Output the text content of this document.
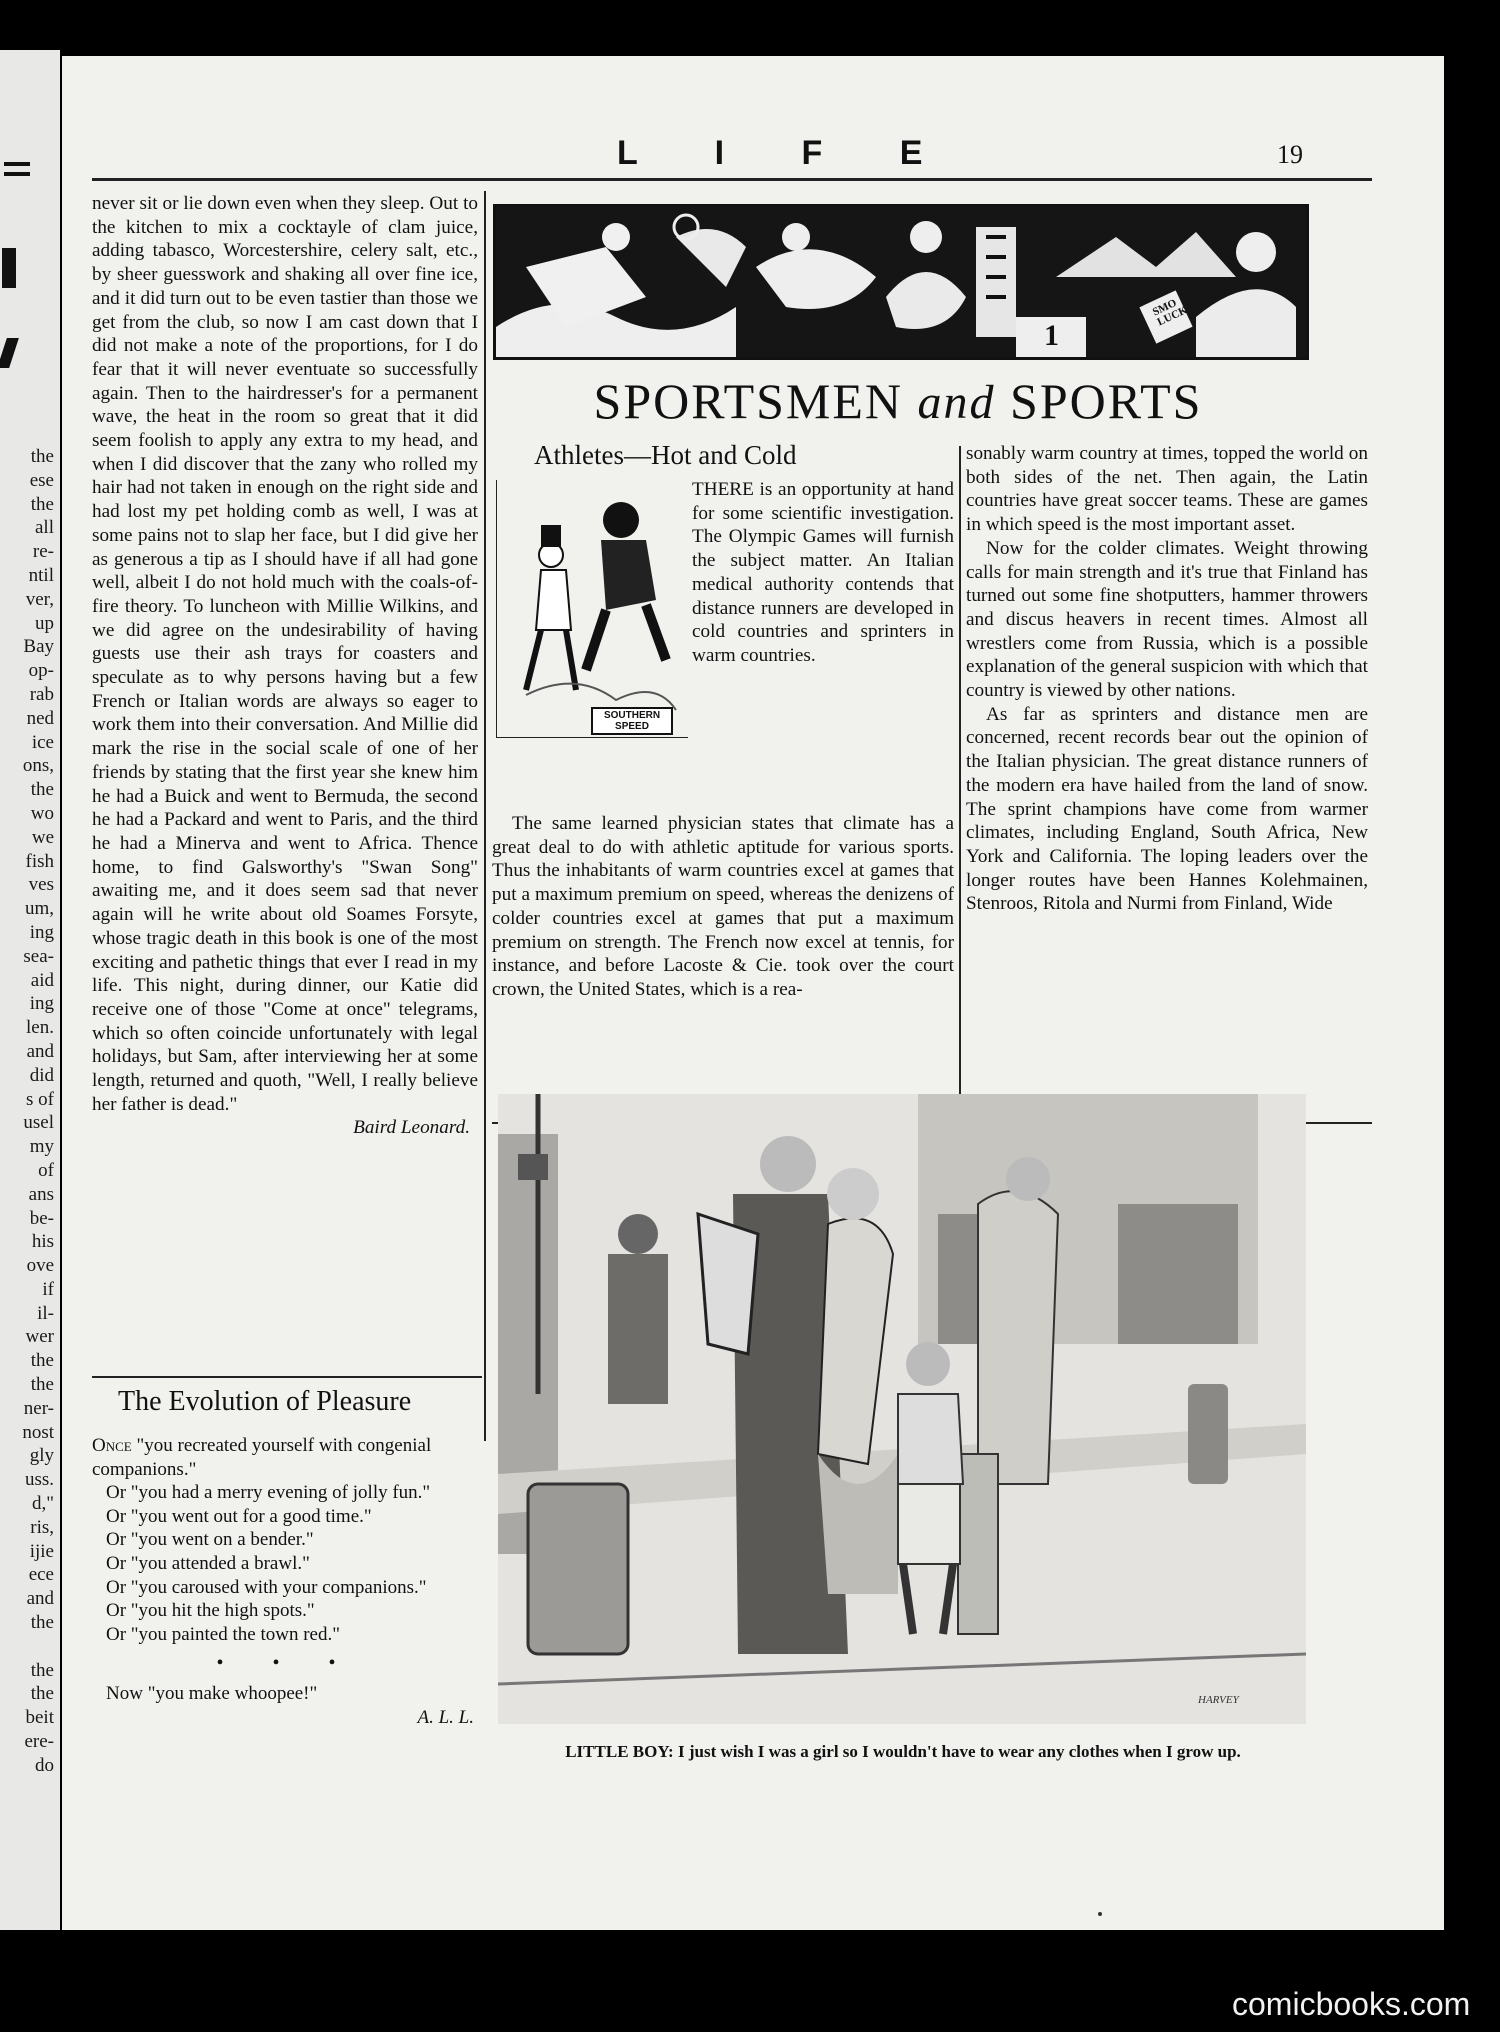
the
ese
the
all
re-
ntil
ver,
up
Bay
op-
rab
ned
ice
ons,
the
wo
we
fish
ves
um,
ing
sea-
aid
ing
len.
and
did
s of
usel
my
of
ans
be-
his
ove
if
il-
wer
the
the
ner-
nost
gly
uss.
d,"
ris,
ijie
ece
and
the

the
the
beit
ere-
do
L I F E	19

never sit or lie down even when they sleep. Out to the kitchen to mix a cocktayle of clam juice, adding tabasco, Worcestershire, celery salt, etc., by sheer guesswork and shaking all over fine ice, and it did turn out to be even tastier than those we get from the club, so now I am cast down that I did not make a note of the proportions, for I do fear that it will never eventuate so successfully again. Then to the hairdresser's for a permanent wave, the heat in the room so great that it did seem foolish to apply any extra to my head, and when I did discover that the zany who rolled my hair had not taken in enough on the right side and had lost my pet holding comb as well, I was at some pains not to slap her face, but I did give her as generous a tip as I should have if all had gone well, albeit I do not hold much with the coals-of-fire theory. To luncheon with Millie Wilkins, and we did agree on the undesirability of having guests use their ash trays for coasters and speculate as to why persons having but a few French or Italian words are always so eager to work them into their conversation. And Millie did mark the rise in the social scale of one of her friends by stating that the first year she knew him he had a Buick and went to Bermuda, the second he had a Packard and went to Paris, and the third he had a Minerva and went to Africa. Thence home, to find Galsworthy's "Swan Song" awaiting me, and it does seem sad that never again will he write about old Soames Forsyte, whose tragic death in this book is one of the most exciting and pathetic things that ever I read in my life. This night, during dinner, our Katie did receive one of those "Come at once" telegrams, which so often coincide unfortunately with legal holidays, but Sam, after interviewing her at some length, returned and quoth, "Well, I really believe her father is dead."

Baird Leonard.

The Evolution of Pleasure

Once "you recreated yourself with congenial companions."

Or "you had a merry evening of jolly fun."

Or "you went out for a good time."

Or "you went on a bender."

Or "you attended a brawl."

Or "you caroused with your companions."

Or "you hit the high spots."

Or "you painted the town red."

• • •

Now "you make whoopee!"

A. L. L.

1
SMO LUCK
SPORTSMEN and SPORTS
Athletes—Hot and Cold
SOUTHERN SPEED

THERE is an opportunity at hand for some scientific investigation. The Olympic Games will furnish the subject matter. An Italian medical authority contends that distance runners are developed in cold countries and sprinters in warm countries.

The same learned physician states that climate has a great deal to do with athletic aptitude for various sports. Thus the inhabitants of warm countries excel at games that put a maximum premium on speed, whereas the denizens of colder countries excel at games that put a maximum premium on strength. The French now excel at tennis, for instance, and before Lacoste & Cie. took over the court crown, the United States, which is a rea-

sonably warm country at times, topped the world on both sides of the net. Then again, the Latin countries have great soccer teams. These are games in which speed is the most important asset.

Now for the colder climates. Weight throwing calls for main strength and it's true that Finland has turned out some fine shotputters, hammer throwers and discus heavers in recent times. Almost all wrestlers come from Russia, which is a possible explanation of the general suspicion with which that country is viewed by other nations.

As far as sprinters and distance men are concerned, recent records bear out the opinion of the Italian physician. The great distance runners of the modern era have hailed from the land of snow. The sprint champions have come from warmer climates, including England, South Africa, New York and California. The loping leaders over the longer routes have been Hannes Kolehmainen, Stenroos, Ritola and Nurmi from Finland, Wide

HARVEY
LITTLE BOY: I just wish I was a girl so I wouldn't have to wear any clothes when I grow up.
comicbooks.com
